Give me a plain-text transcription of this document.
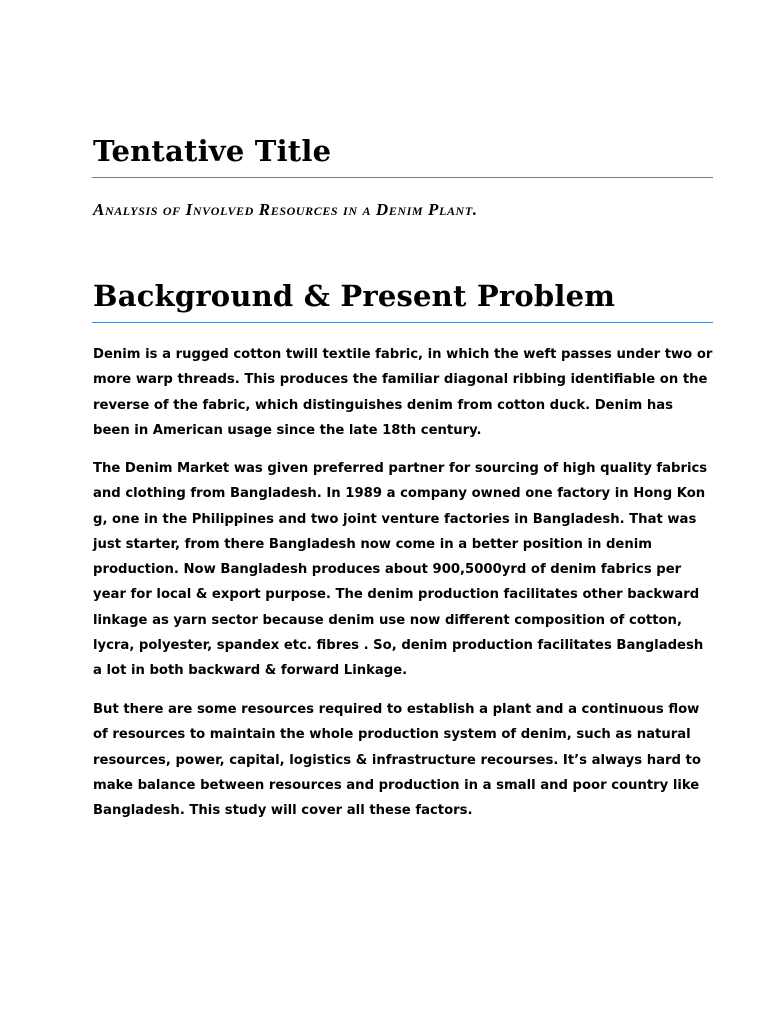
Tentative Title

Analysis of Involved Resources in a Denim Plant.

Background & Present Problem

Denim is a rugged cotton twill textile fabric, in which the weft passes under two or
more warp threads. This produces the familiar diagonal ribbing identifiable on the
reverse of the fabric, which distinguishes denim from cotton duck. Denim has
been in American usage since the late 18th century.

The Denim Market was given preferred partner for sourcing of high quality fabrics
and clothing from Bangladesh. In 1989 a company owned one factory in Hong Kon
g, one in the Philippines and two joint venture factories in Bangladesh. That was
just starter, from there Bangladesh now come in a better position in denim
production. Now Bangladesh produces about 900,5000yrd of denim fabrics per
year for local & export purpose. The denim production facilitates other backward
linkage as yarn sector because denim use now different composition of cotton,
lycra, polyester, spandex etc. fibres . So, denim production facilitates Bangladesh
a lot in both backward & forward Linkage.

But there are some resources required to establish a plant and a continuous flow
of resources to maintain the whole production system of denim, such as natural
resources, power, capital, logistics & infrastructure recourses. It’s always hard to
make balance between resources and production in a small and poor country like
Bangladesh. This study will cover all these factors.
